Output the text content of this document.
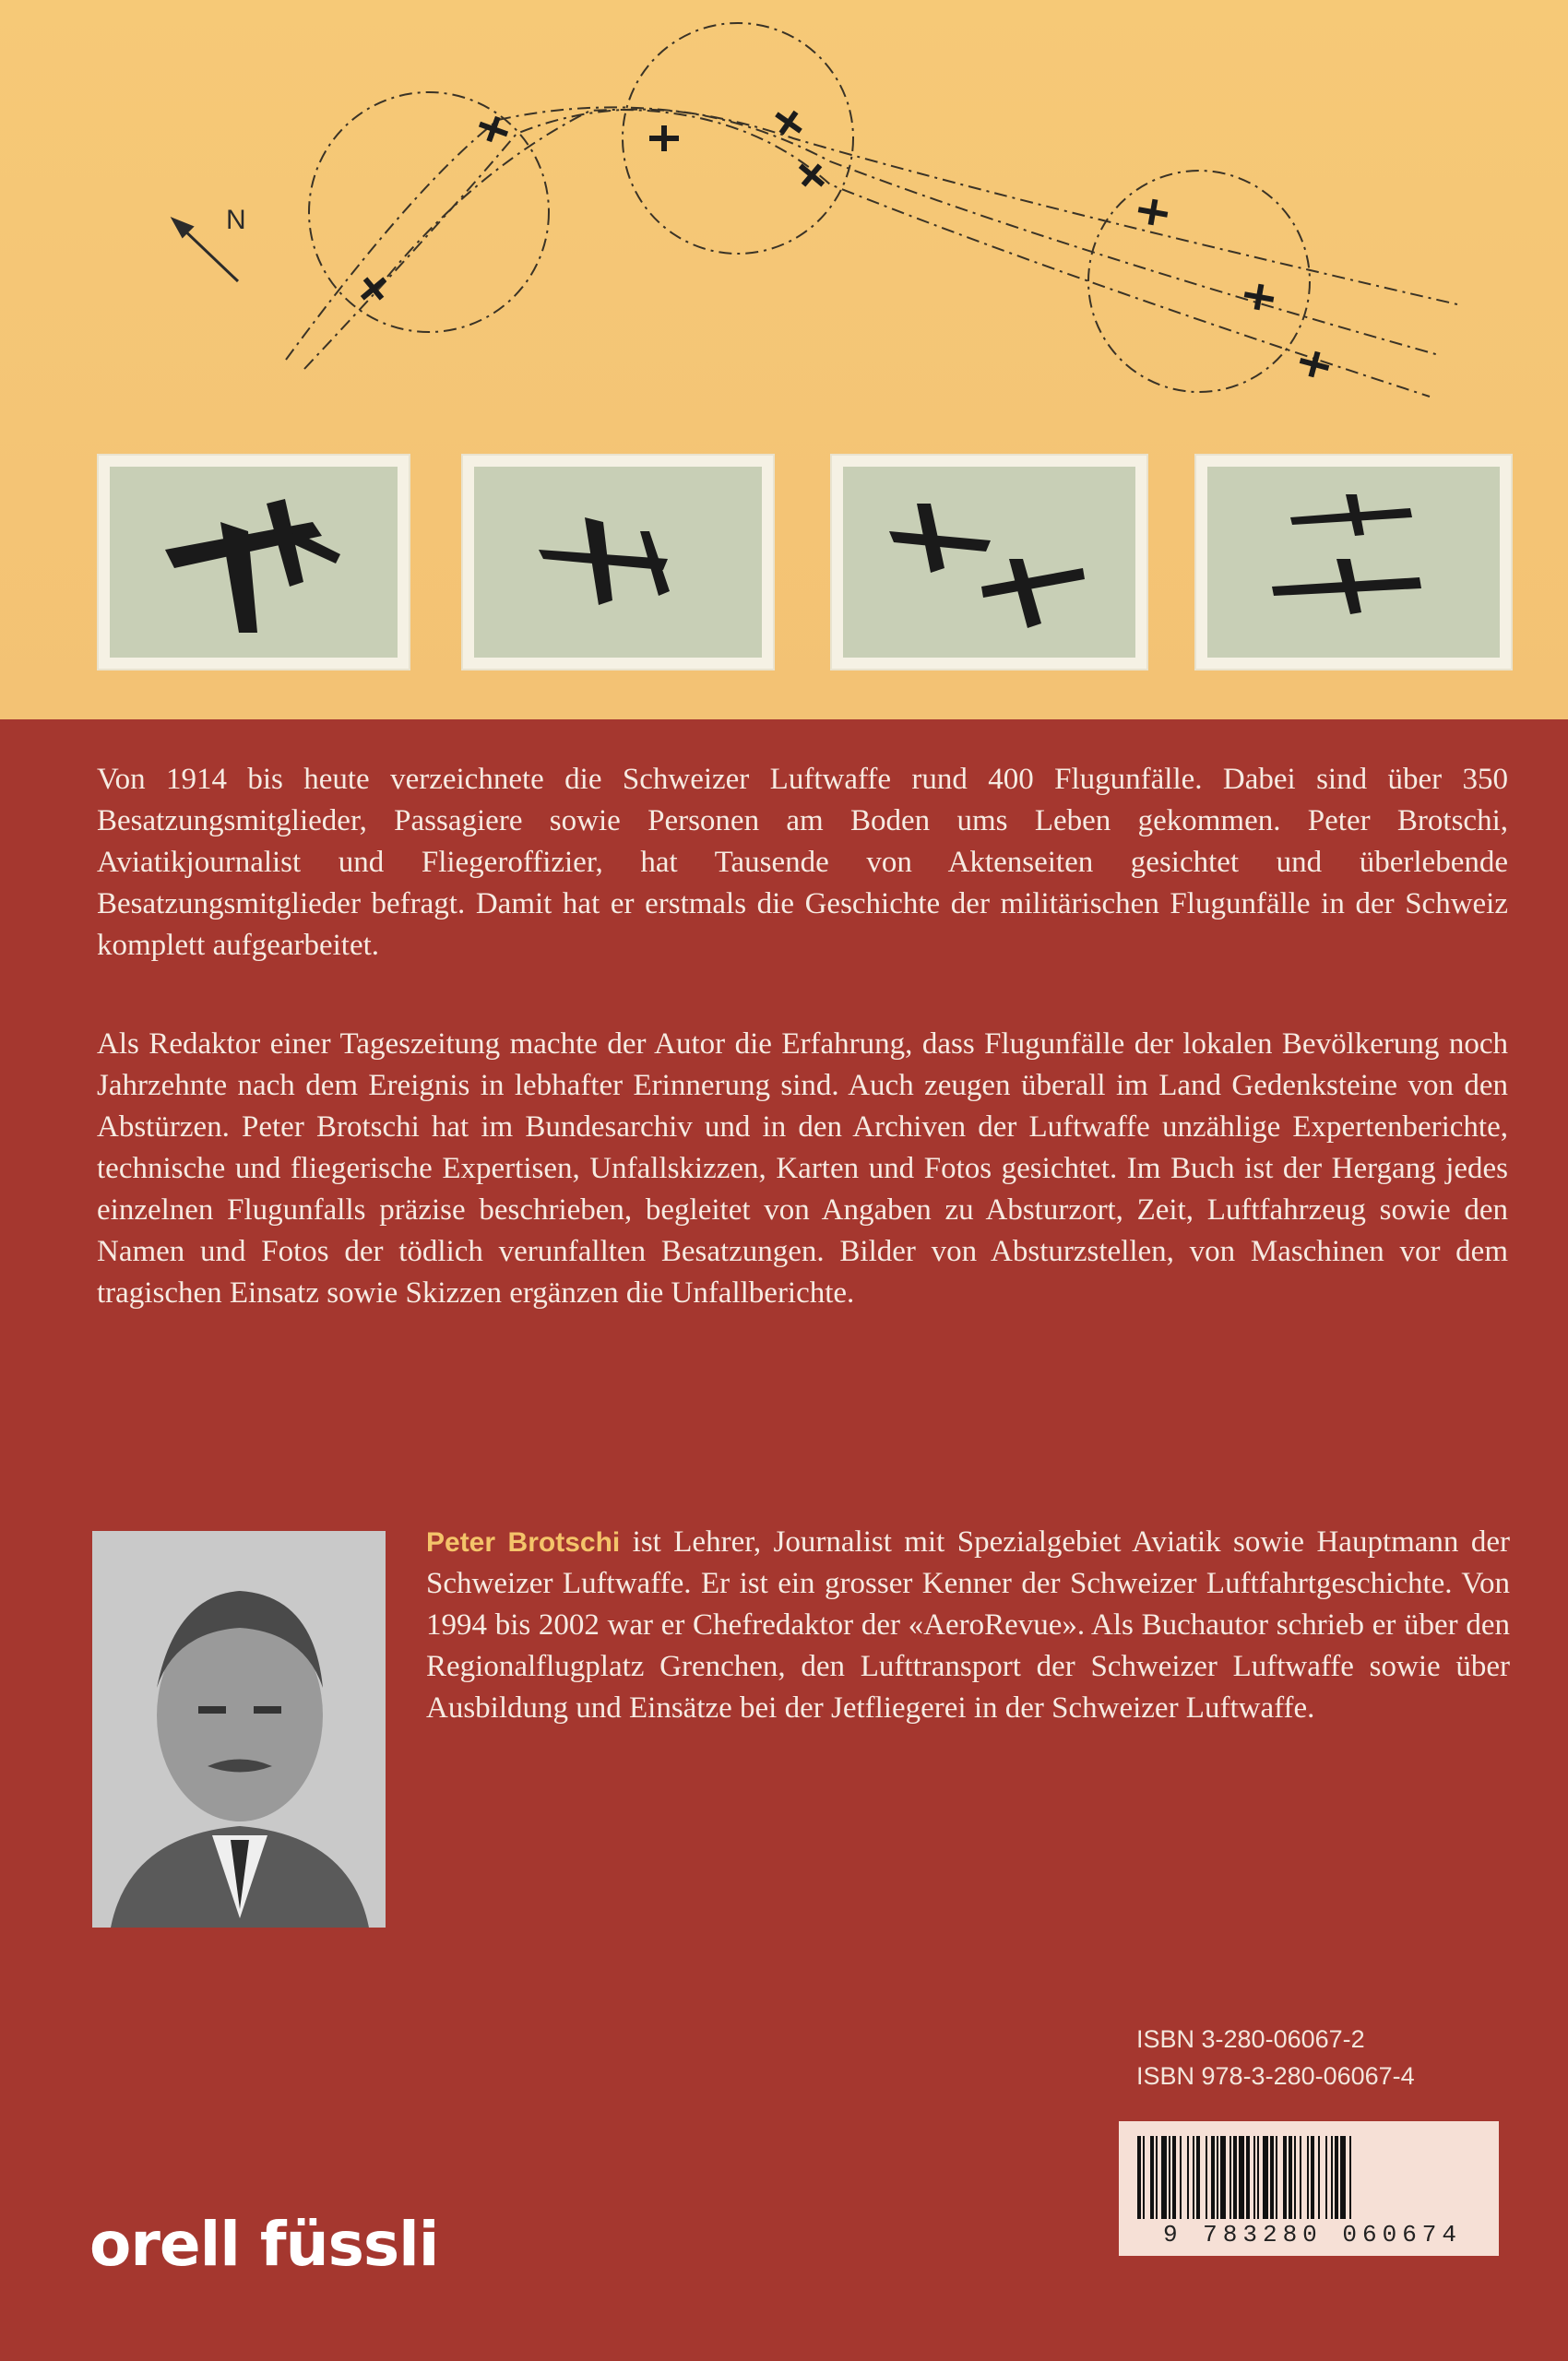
N

Von 1914 bis heute verzeichnete die Schweizer Luftwaffe rund 400 Flugunfälle. Dabei sind über 350 Besatzungsmitglieder, Passagiere sowie Personen am Boden ums Leben gekommen. Peter Brotschi, Aviatikjournalist und Fliegeroffizier, hat Tausende von Aktenseiten gesichtet und überlebende Besatzungsmitglieder befragt. Damit hat er erstmals die Geschichte der militärischen Flugunfälle in der Schweiz komplett aufgearbeitet.

Als Redaktor einer Tageszeitung machte der Autor die Erfahrung, dass Flugunfälle der lokalen Bevölkerung noch Jahrzehnte nach dem Ereignis in lebhafter Erinnerung sind. Auch zeugen überall im Land Gedenksteine von den Abstürzen. Peter Brotschi hat im Bundesarchiv und in den Archiven der Luftwaffe unzählige Expertenberichte, technische und fliegerische Expertisen, Unfallskizzen, Karten und Fotos gesichtet. Im Buch ist der Hergang jedes einzelnen Flugunfalls präzise beschrieben, begleitet von Angaben zu Absturzort, Zeit, Luftfahrzeug sowie den Namen und Fotos der tödlich verunfallten Besatzungen. Bilder von Absturzstellen, von Maschinen vor dem tragischen Einsatz sowie Skizzen ergänzen die Unfallberichte.

Peter Brotschi ist Lehrer, Journalist mit Spezialgebiet Aviatik sowie Hauptmann der Schweizer Luftwaffe. Er ist ein grosser Kenner der Schweizer Luftfahrtgeschichte. Von 1994 bis 2002 war er Chefredaktor der «AeroRevue». Als Buchautor schrieb er über den Regionalflugplatz Grenchen, den Lufttransport der Schweizer Luftwaffe sowie über Ausbildung und Einsätze bei der Jetfliegerei in der Schweizer Luftwaffe.

ISBN 3-280-06067-2
ISBN 978-3-280-06067-4
9 783280 060674
orell füssli
